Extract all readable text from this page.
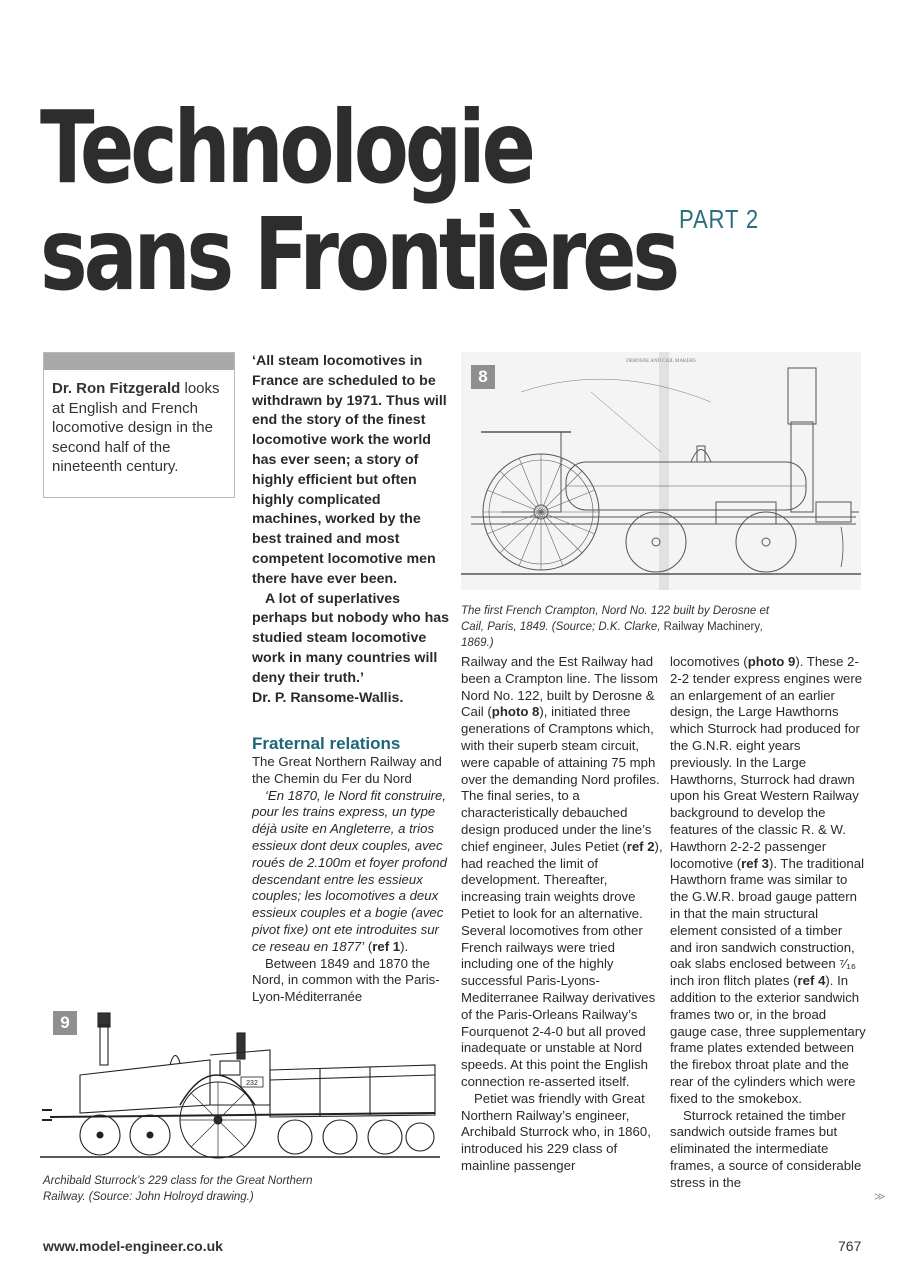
Technologie
sans Frontières PART 2
Dr. Ron Fitzgerald looks at English and French locomotive design in the second half of the nineteenth century.

‘All steam locomotives in France are scheduled to be withdrawn by 1971. Thus will end the story of the finest locomotive work the world has ever seen; a story of highly efficient but often highly complicated machines, worked by the best trained and most competent locomotive men there have ever been.

A lot of superlatives perhaps but nobody who has studied steam locomotive work in many countries will deny their truth.’

Dr. P. Ransome-Wallis.

Fraternal relations

The Great Northern Railway and the Chemin du Fer du Nord

‘En 1870, le Nord fit construire, pour les trains express, un type déjà usite en Angleterre, a trios essieux dont deux couples, avec roués de 2.100m et foyer profond descendant entre les essieux couples; les locomotives a deux essieux couples et a bogie (avec pivot fixe) ont ete introduites sur ce reseau en 1877’ (ref 1).

Between 1849 and 1870 the Nord, in common with the Paris-Lyon-Méditerranée

Railway and the Est Railway had been a Crampton line. The lissom Nord No. 122, built by Derosne & Cail (photo 8), initiated three generations of Cramptons which, with their superb steam circuit, were capable of attaining 75 mph over the demanding Nord profiles. The final series, to a characteristically debauched design produced under the line’s chief engineer, Jules Petiet (ref 2), had reached the limit of development. Thereafter, increasing train weights drove Petiet to look for an alternative. Several locomotives from other French railways were tried including one of the highly successful Paris-Lyons-Mediterranee Railway derivatives of the Paris-Orleans Railway’s Fourquenot 2-4-0 but all proved inadequate or unstable at Nord speeds. At this point the English connection re-asserted itself.

Petiet was friendly with Great Northern Railway’s engineer, Archibald Sturrock who, in 1860, introduced his 229 class of mainline passenger

locomotives (photo 9). These 2-2-2 tender express engines were an enlargement of an earlier design, the Large Hawthorns which Sturrock had produced for the G.N.R. eight years previously. In the Large Hawthorns, Sturrock had drawn upon his Great Western Railway background to develop the features of the classic R. & W. Hawthorn 2-2-2 passenger locomotive (ref 3). The traditional Hawthorn frame was similar to the G.W.R. broad gauge pattern in that the main structural element consisted of a timber and iron sandwich construction, oak slabs enclosed between ⁷⁄₁₆ inch iron flitch plates (ref 4). In addition to the exterior sandwich frames two or, in the broad gauge case, three supplementary frame plates extended between the firebox throat plate and the rear of the cylinders which were fixed to the smokebox.

Sturrock retained the timber sandwich outside frames but eliminated the intermediate frames, a source of considerable stress in the

DEROSNE AND CAIL MAKERS
8
The first French Crampton, Nord No. 122 built by Derosne et Cail, Paris, 1849. (Source; D.K. Clarke, Railway Machinery, 1869.)
232
9
Archibald Sturrock’s 229 class for the Great Northern Railway. (Source: John Holroyd drawing.)	≫
www.model-engineer.co.uk	767
